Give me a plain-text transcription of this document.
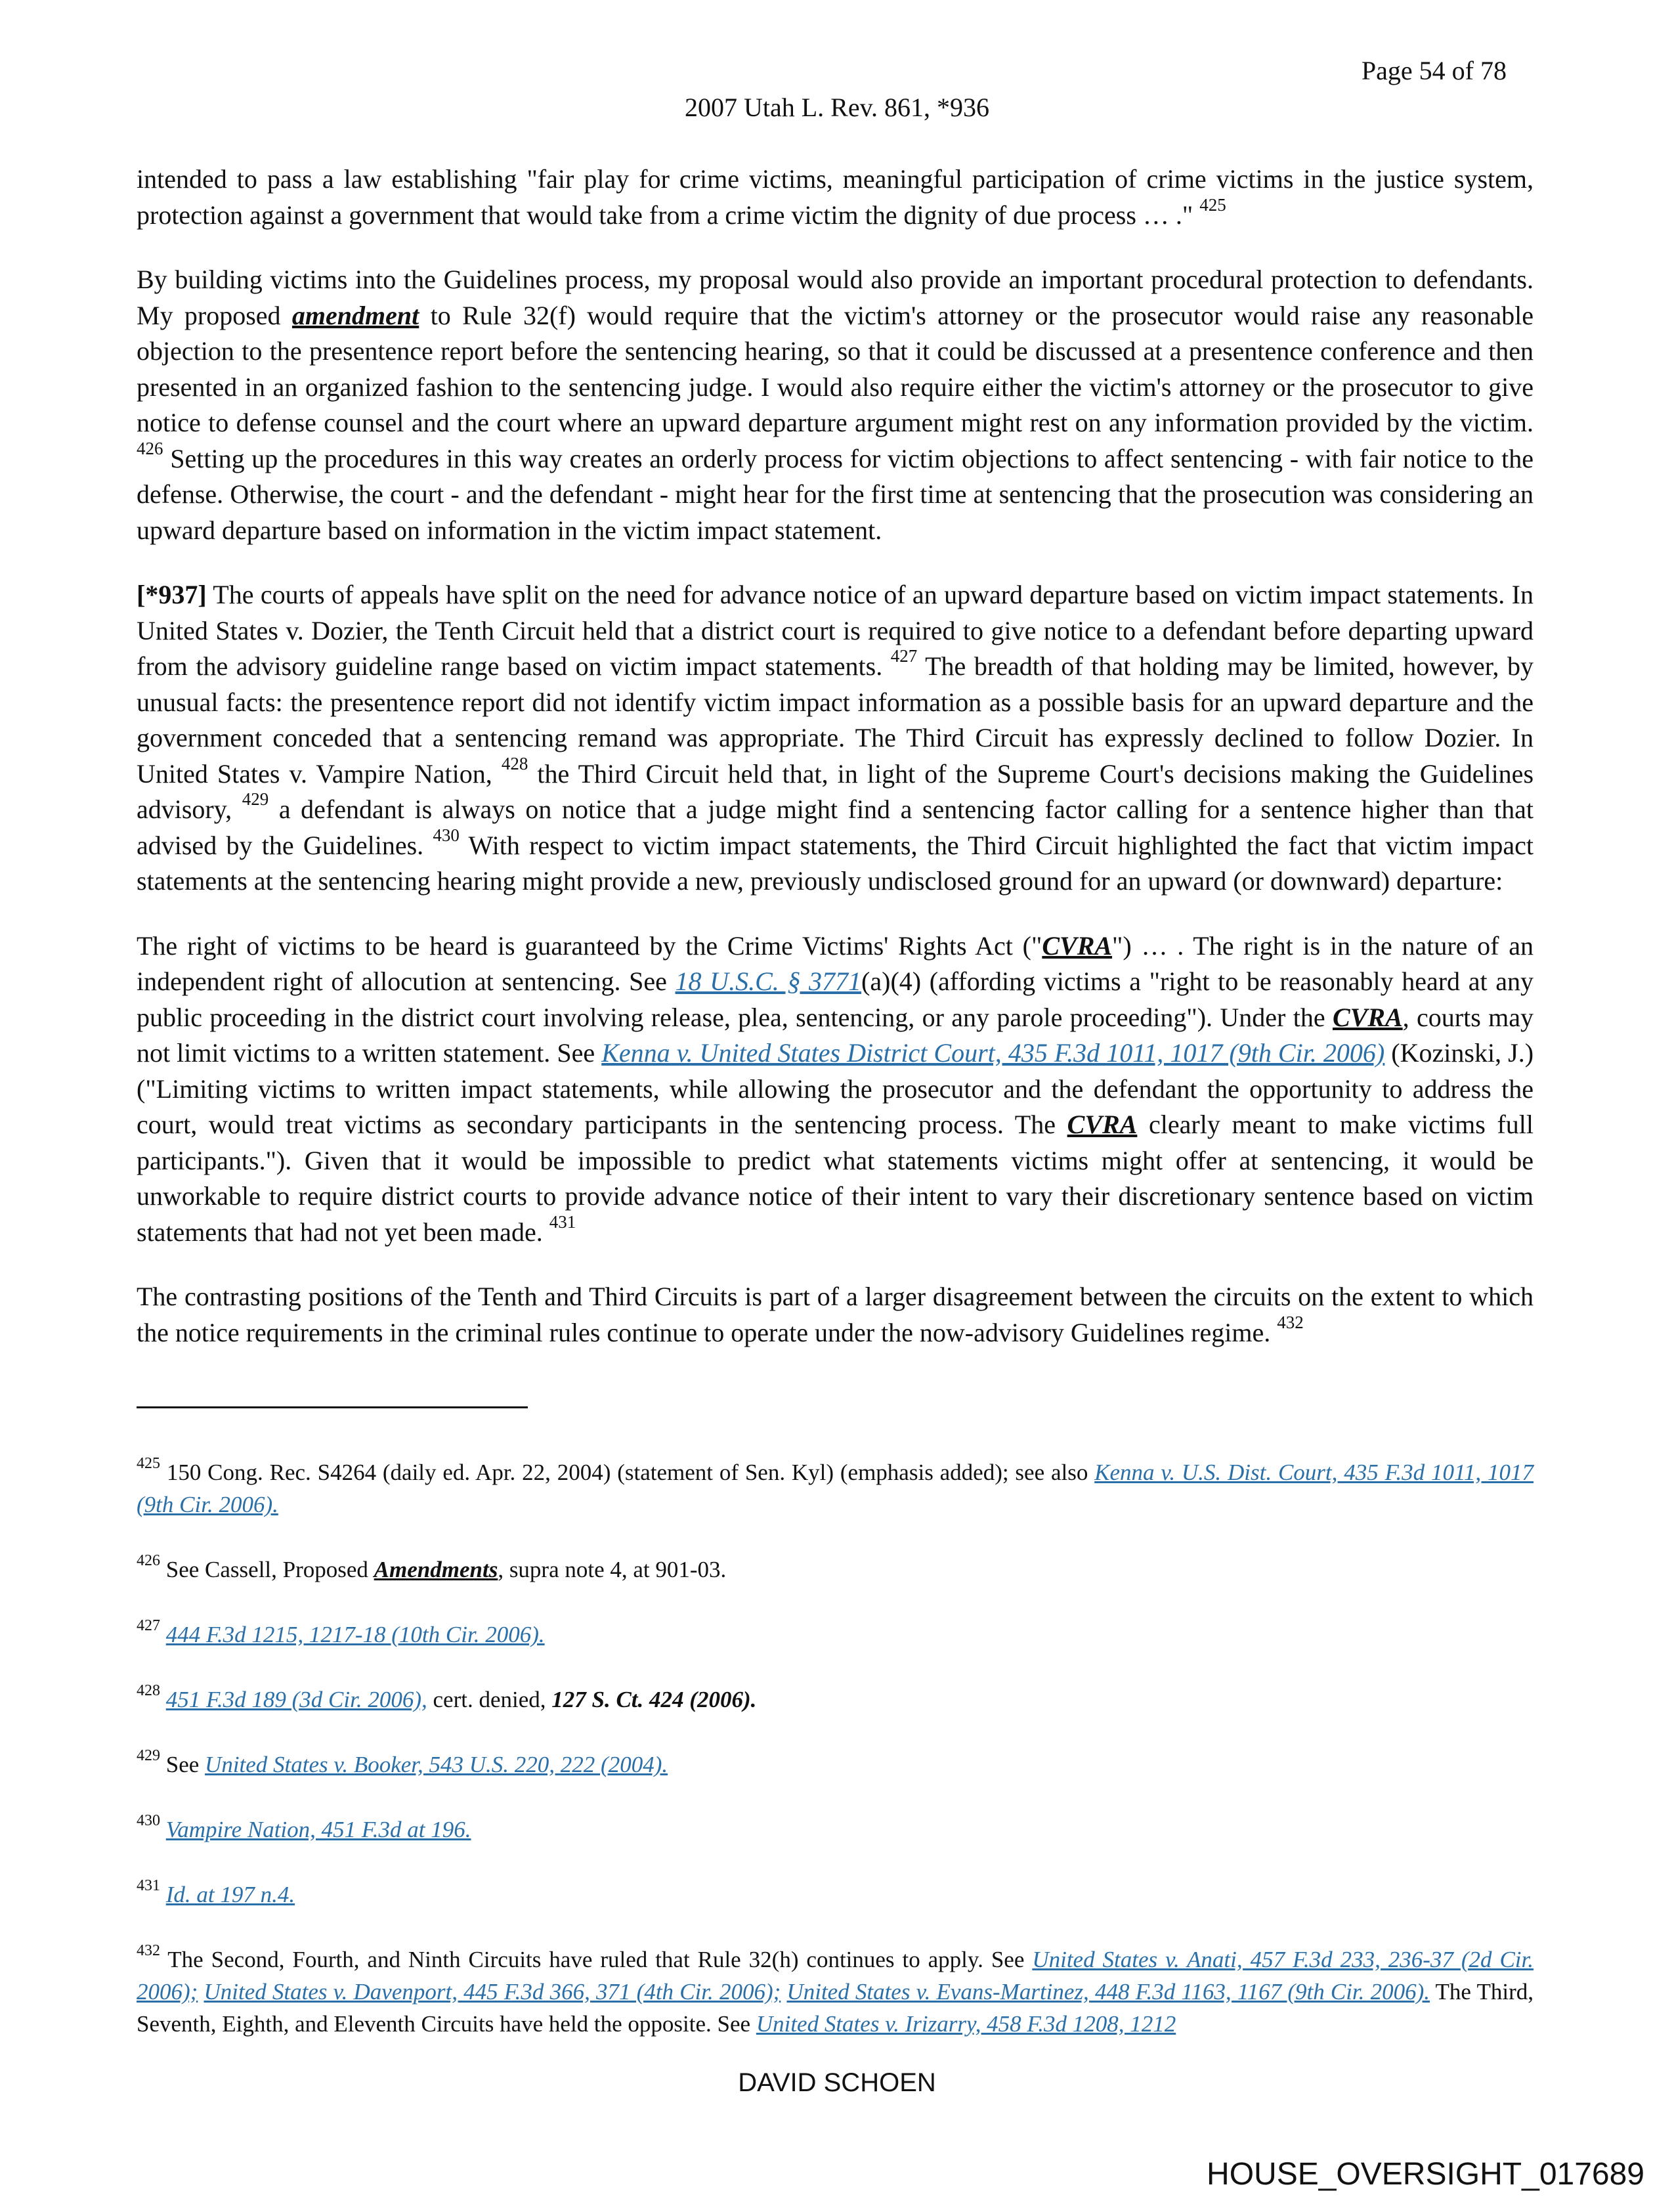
Page 54 of 78
2007 Utah L. Rev. 861, *936

intended to pass a law establishing "fair play for crime victims, meaningful participation of crime victims in the justice system, protection against a government that would take from a crime victim the dignity of due process … ." $^{425}$

By building victims into the Guidelines process, my proposal would also provide an important procedural protection to defendants. My proposed amendment to Rule 32(f) would require that the victim's attorney or the prosecutor would raise any reasonable objection to the presentence report before the sentencing hearing, so that it could be discussed at a presentence conference and then presented in an organized fashion to the sentencing judge. I would also require either the victim's attorney or the prosecutor to give notice to defense counsel and the court where an upward departure argument might rest on any information provided by the victim. $^{426}$ Setting up the procedures in this way creates an orderly process for victim objections to affect sentencing - with fair notice to the defense. Otherwise, the court - and the defendant - might hear for the first time at sentencing that the prosecution was considering an upward departure based on information in the victim impact statement.

[*937] The courts of appeals have split on the need for advance notice of an upward departure based on victim impact statements. In United States v. Dozier, the Tenth Circuit held that a district court is required to give notice to a defendant before departing upward from the advisory guideline range based on victim impact statements. $^{427}$ The breadth of that holding may be limited, however, by unusual facts: the presentence report did not identify victim impact information as a possible basis for an upward departure and the government conceded that a sentencing remand was appropriate. The Third Circuit has expressly declined to follow Dozier. In United States v. Vampire Nation, $^{428}$ the Third Circuit held that, in light of the Supreme Court's decisions making the Guidelines advisory, $^{429}$ a defendant is always on notice that a judge might find a sentencing factor calling for a sentence higher than that advised by the Guidelines. $^{430}$ With respect to victim impact statements, the Third Circuit highlighted the fact that victim impact statements at the sentencing hearing might provide a new, previously undisclosed ground for an upward (or downward) departure:

The right of victims to be heard is guaranteed by the Crime Victims' Rights Act ("CVRA") … . The right is in the nature of an independent right of allocution at sentencing. See 18 U.S.C. § 3771(a)(4) (affording victims a "right to be reasonably heard at any public proceeding in the district court involving release, plea, sentencing, or any parole proceeding"). Under the CVRA, courts may not limit victims to a written statement. See Kenna v. United States District Court, 435 F.3d 1011, 1017 (9th Cir. 2006) (Kozinski, J.) ("Limiting victims to written impact statements, while allowing the prosecutor and the defendant the opportunity to address the court, would treat victims as secondary participants in the sentencing process. The CVRA clearly meant to make victims full participants."). Given that it would be impossible to predict what statements victims might offer at sentencing, it would be unworkable to require district courts to provide advance notice of their intent to vary their discretionary sentence based on victim statements that had not yet been made. $^{431}$

The contrasting positions of the Tenth and Third Circuits is part of a larger disagreement between the circuits on the extent to which the notice requirements in the criminal rules continue to operate under the now-advisory Guidelines regime. $^{432}$

$^{425}$ 150 Cong. Rec. S4264 (daily ed. Apr. 22, 2004) (statement of Sen. Kyl) (emphasis added); see also Kenna v. U.S. Dist. Court, 435 F.3d 1011, 1017 (9th Cir. 2006).

$^{426}$ See Cassell, Proposed Amendments, supra note 4, at 901-03.

$^{427}$ 444 F.3d 1215, 1217-18 (10th Cir. 2006).

$^{428}$ 451 F.3d 189 (3d Cir. 2006), cert. denied, 127 S. Ct. 424 (2006).

$^{429}$ See United States v. Booker, 543 U.S. 220, 222 (2004).

$^{430}$ Vampire Nation, 451 F.3d at 196.

$^{431}$ Id. at 197 n.4.

$^{432}$ The Second, Fourth, and Ninth Circuits have ruled that Rule 32(h) continues to apply. See United States v. Anati, 457 F.3d 233, 236-37 (2d Cir. 2006); United States v. Davenport, 445 F.3d 366, 371 (4th Cir. 2006); United States v. Evans-Martinez, 448 F.3d 1163, 1167 (9th Cir. 2006). The Third, Seventh, Eighth, and Eleventh Circuits have held the opposite. See United States v. Irizarry, 458 F.3d 1208, 1212

DAVID SCHOEN
HOUSE_OVERSIGHT_017689
